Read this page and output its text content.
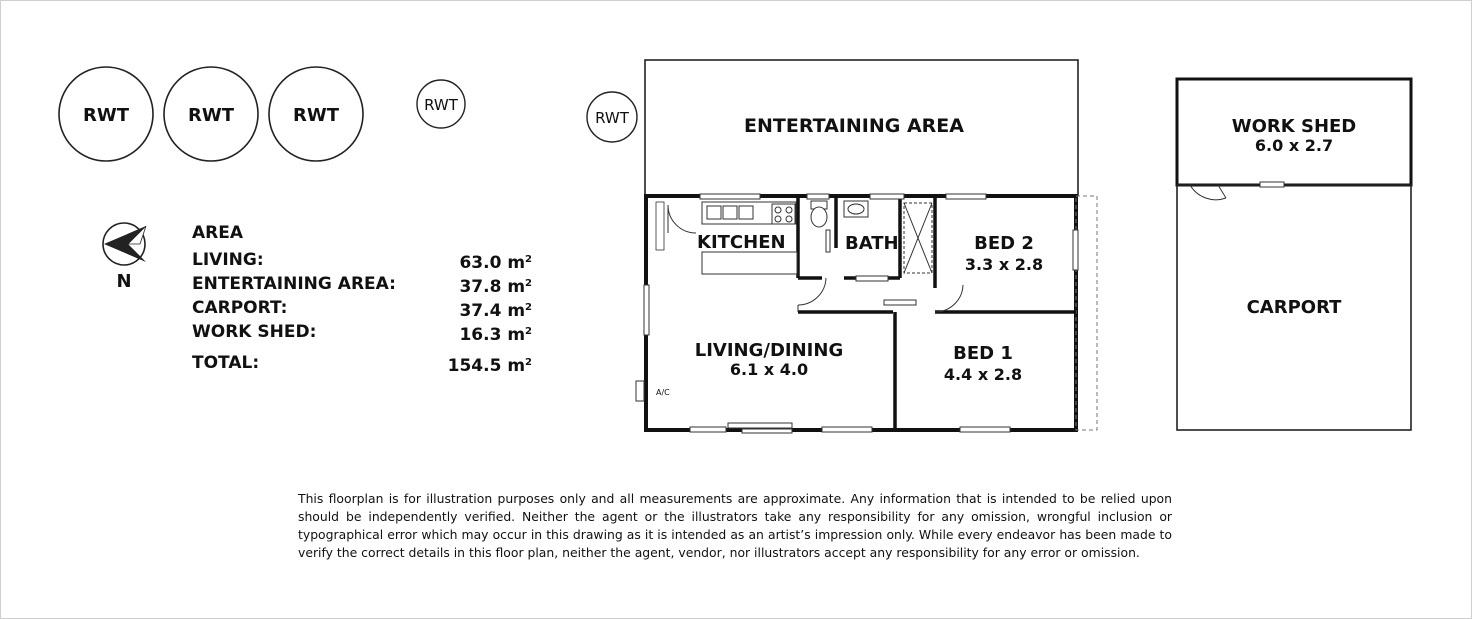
RWT	RWT	RWT	RWT
RWT
N
ENTERTAINING AREA
A/C
KITCHEN	BATH	BED 2
3.3 x 2.8
BED 1
4.4 x 2.8
LIVING/DINING
6.1 x 4.0
WORK SHED
6.0 x 2.7
CARPORT
AREA
LIVING:	63.0 $m^2$
ENTERTAINING AREA:	37.8 $m^2$
CARPORT:	37.4 $m^2$
WORK SHED:	16.3 $m^2$
TOTAL:	154.5 $m^2$
This floorplan is for illustration purposes only and all measurements are approximate. Any information that is intended to be relied upon should be independently verified. Neither the agent or the illustrators take any responsibility for any omission, wrongful inclusion or typographical error which may occur in this drawing as it is intended as an artist’s impression only. While every endeavor has been made to verify the correct details in this floor plan, neither the agent, vendor, nor illustrators accept any responsibility for any error or omission.
